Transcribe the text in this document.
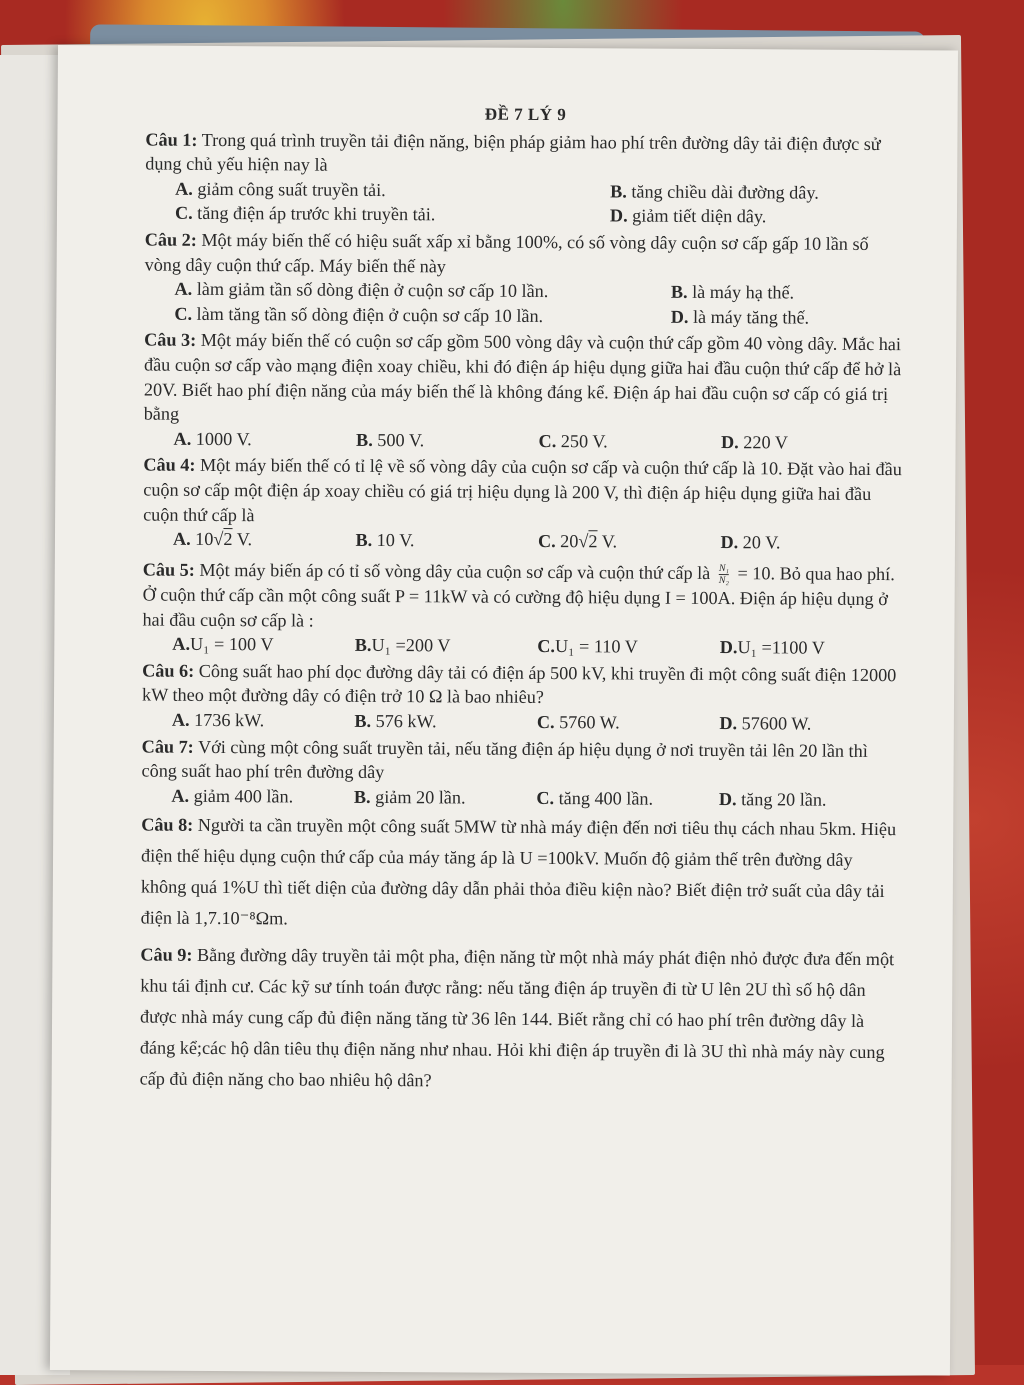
ĐỀ 7 LÝ 9
Câu 1: Trong quá trình truyền tải điện năng, biện pháp giảm hao phí trên đường dây tải điện được sử dụng chủ yếu hiện nay là
A. giảm công suất truyền tải.	B. tăng chiều dài đường dây.
C. tăng điện áp trước khi truyền tải.	D. giảm tiết diện dây.
Câu 2: Một máy biến thế có hiệu suất xấp xỉ bằng 100%, có số vòng dây cuộn sơ cấp gấp 10 lần số vòng dây cuộn thứ cấp. Máy biến thế này
A. làm giảm tần số dòng điện ở cuộn sơ cấp 10 lần.	B. là máy hạ thế.
C. làm tăng tần số dòng điện ở cuộn sơ cấp 10 lần.	D. là máy tăng thế.
Câu 3: Một máy biến thế có cuộn sơ cấp gồm 500 vòng dây và cuộn thứ cấp gồm 40 vòng dây. Mắc hai đầu cuộn sơ cấp vào mạng điện xoay chiều, khi đó điện áp hiệu dụng giữa hai đầu cuộn thứ cấp để hở là 20V. Biết hao phí điện năng của máy biến thế là không đáng kể. Điện áp hai đầu cuộn sơ cấp có giá trị bằng
A. 1000 V.	B. 500 V.	C. 250 V.	D. 220 V
Câu 4: Một máy biến thế có tỉ lệ về số vòng dây của cuộn sơ cấp và cuộn thứ cấp là 10. Đặt vào hai đầu cuộn sơ cấp một điện áp xoay chiều có giá trị hiệu dụng là 200 V, thì điện áp hiệu dụng giữa hai đầu cuộn thứ cấp là
A. 10√2 V.	B. 10 V.	C. 20√2 V.	D. 20 V.
Câu 5: Một máy biến áp có tỉ số vòng dây của cuộn sơ cấp và cuộn thứ cấp là $\frac{\text{N₁}}{\text{N₂}} = 10$. Bỏ qua hao phí. Ở cuộn thứ cấp cần một công suất P = 11kW và có cường độ hiệu dụng I = 100A. Điện áp hiệu dụng ở hai đầu cuộn sơ cấp là :
A.U₁ = 100 V	B.U₁ =200 V	C.U₁ = 110 V	D.U₁ =1100 V
Câu 6: Công suất hao phí dọc đường dây tải có điện áp 500 kV, khi truyền đi một công suất điện 12000 kW theo một đường dây có điện trở 10 Ω là bao nhiêu?
A. 1736 kW.	B. 576 kW.	C. 5760 W.	D. 57600 W.
Câu 7: Với cùng một công suất truyền tải, nếu tăng điện áp hiệu dụng ở nơi truyền tải lên 20 lần thì công suất hao phí trên đường dây
A. giảm 400 lần.	B. giảm 20 lần.	C. tăng 400 lần.	D. tăng 20 lần.
Câu 8: Người ta cần truyền một công suất 5MW từ nhà máy điện đến nơi tiêu thụ cách nhau 5km. Hiệu điện thế hiệu dụng cuộn thứ cấp của máy tăng áp là U =100kV. Muốn độ giảm thế trên đường dây không quá 1%U thì tiết diện của đường dây dẫn phải thỏa điều kiện nào? Biết điện trở suất của dây tải điện là 1,7.10⁻⁸Ωm.
Câu 9: Bằng đường dây truyền tải một pha, điện năng từ một nhà máy phát điện nhỏ được đưa đến một khu tái định cư. Các kỹ sư tính toán được rằng: nếu tăng điện áp truyền đi từ U lên 2U thì số hộ dân được nhà máy cung cấp đủ điện năng tăng từ 36 lên 144. Biết rằng chỉ có hao phí trên đường dây là đáng kể;các hộ dân tiêu thụ điện năng như nhau. Hỏi khi điện áp truyền đi là 3U thì nhà máy này cung cấp đủ điện năng cho bao nhiêu hộ dân?
